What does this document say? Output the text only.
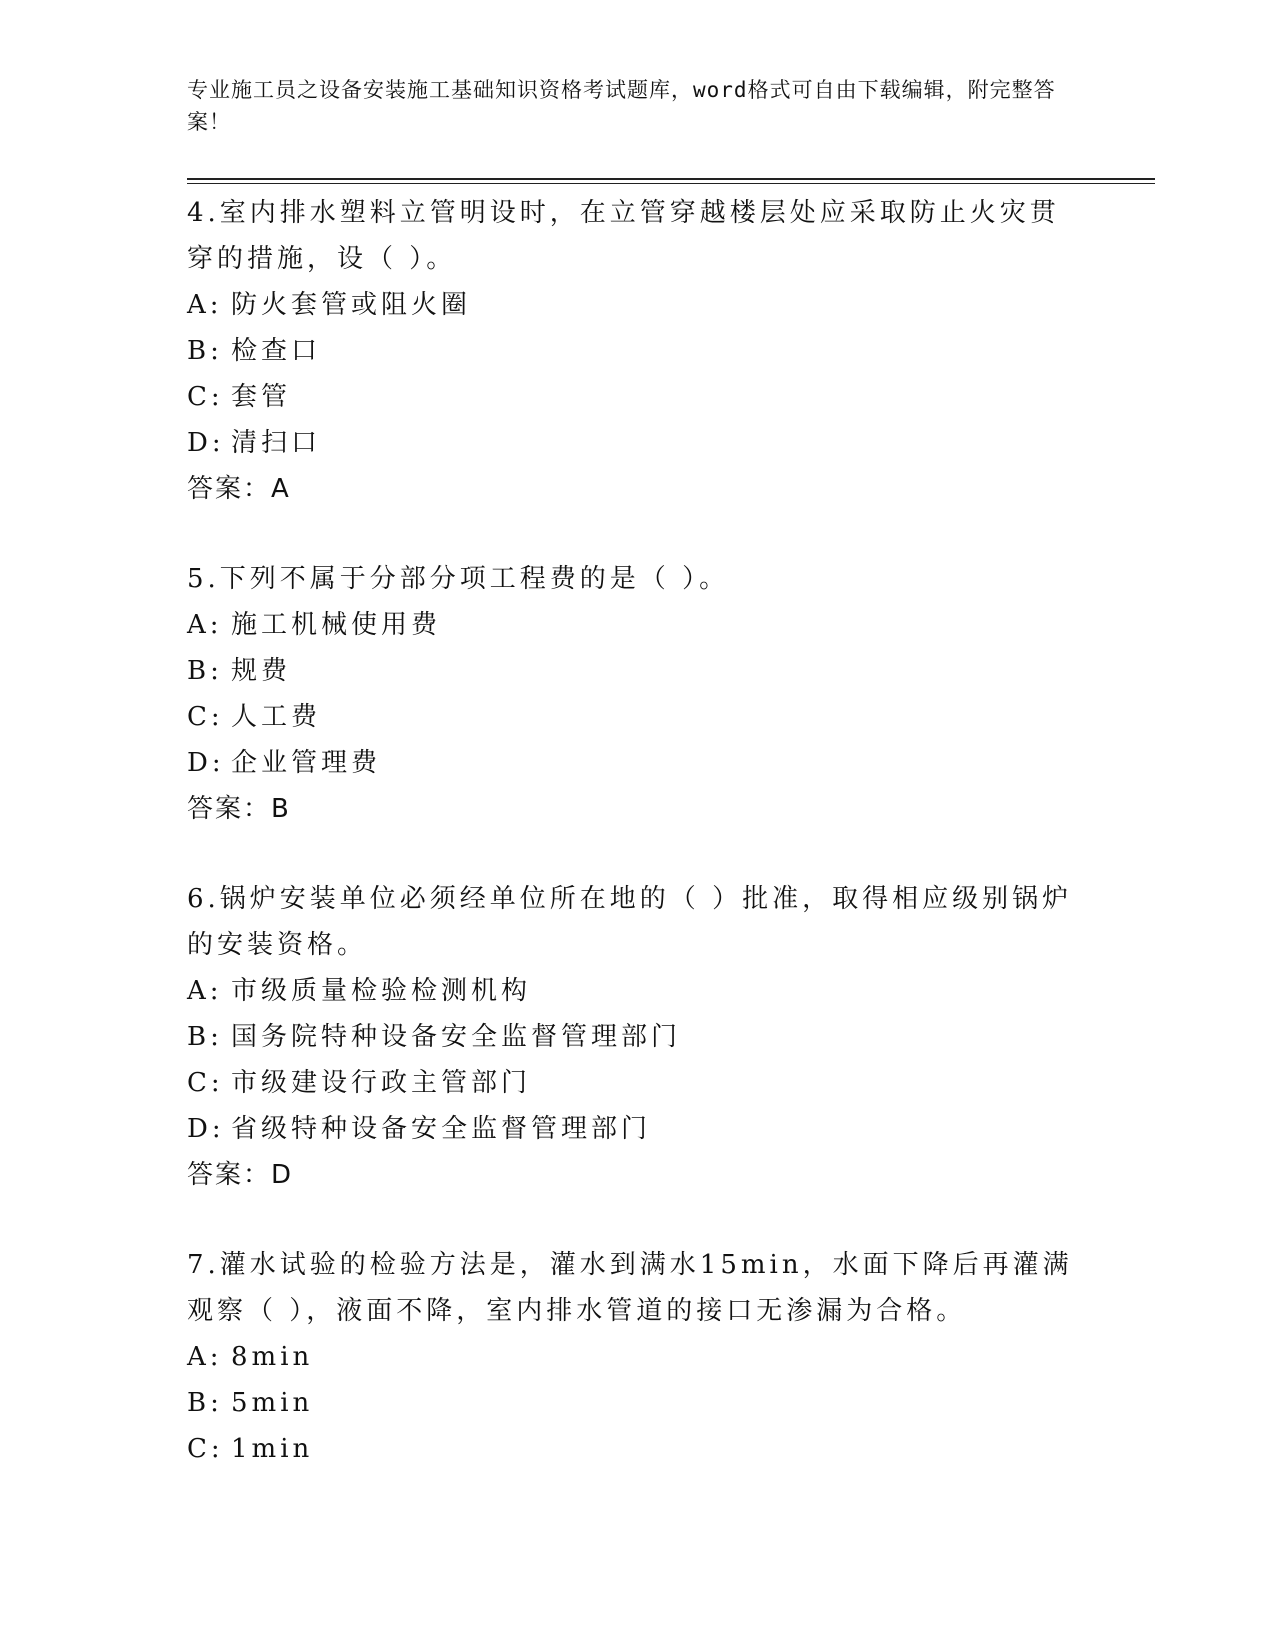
专业施工员之设备安装施工基础知识资格考试题库，word格式可自由下载编辑，附完整答案！

4.室内排水塑料立管明设时，在立管穿越楼层处应采取防止火灾贯穿的措施，设（ ）。

A: 防火套管或阻火圈

B: 检查口

C: 套管

D: 清扫口

答案：A

5.下列不属于分部分项工程费的是（ ）。

A: 施工机械使用费

B: 规费

C: 人工费

D: 企业管理费

答案：B

6.锅炉安装单位必须经单位所在地的（ ）批准，取得相应级别锅炉的安装资格。

A: 市级质量检验检测机构

B: 国务院特种设备安全监督管理部门

C: 市级建设行政主管部门

D: 省级特种设备安全监督管理部门

答案：D

7.灌水试验的检验方法是，灌水到满水15min，水面下降后再灌满观察（ ），液面不降，室内排水管道的接口无渗漏为合格。

A: 8min

B: 5min

C: 1min
